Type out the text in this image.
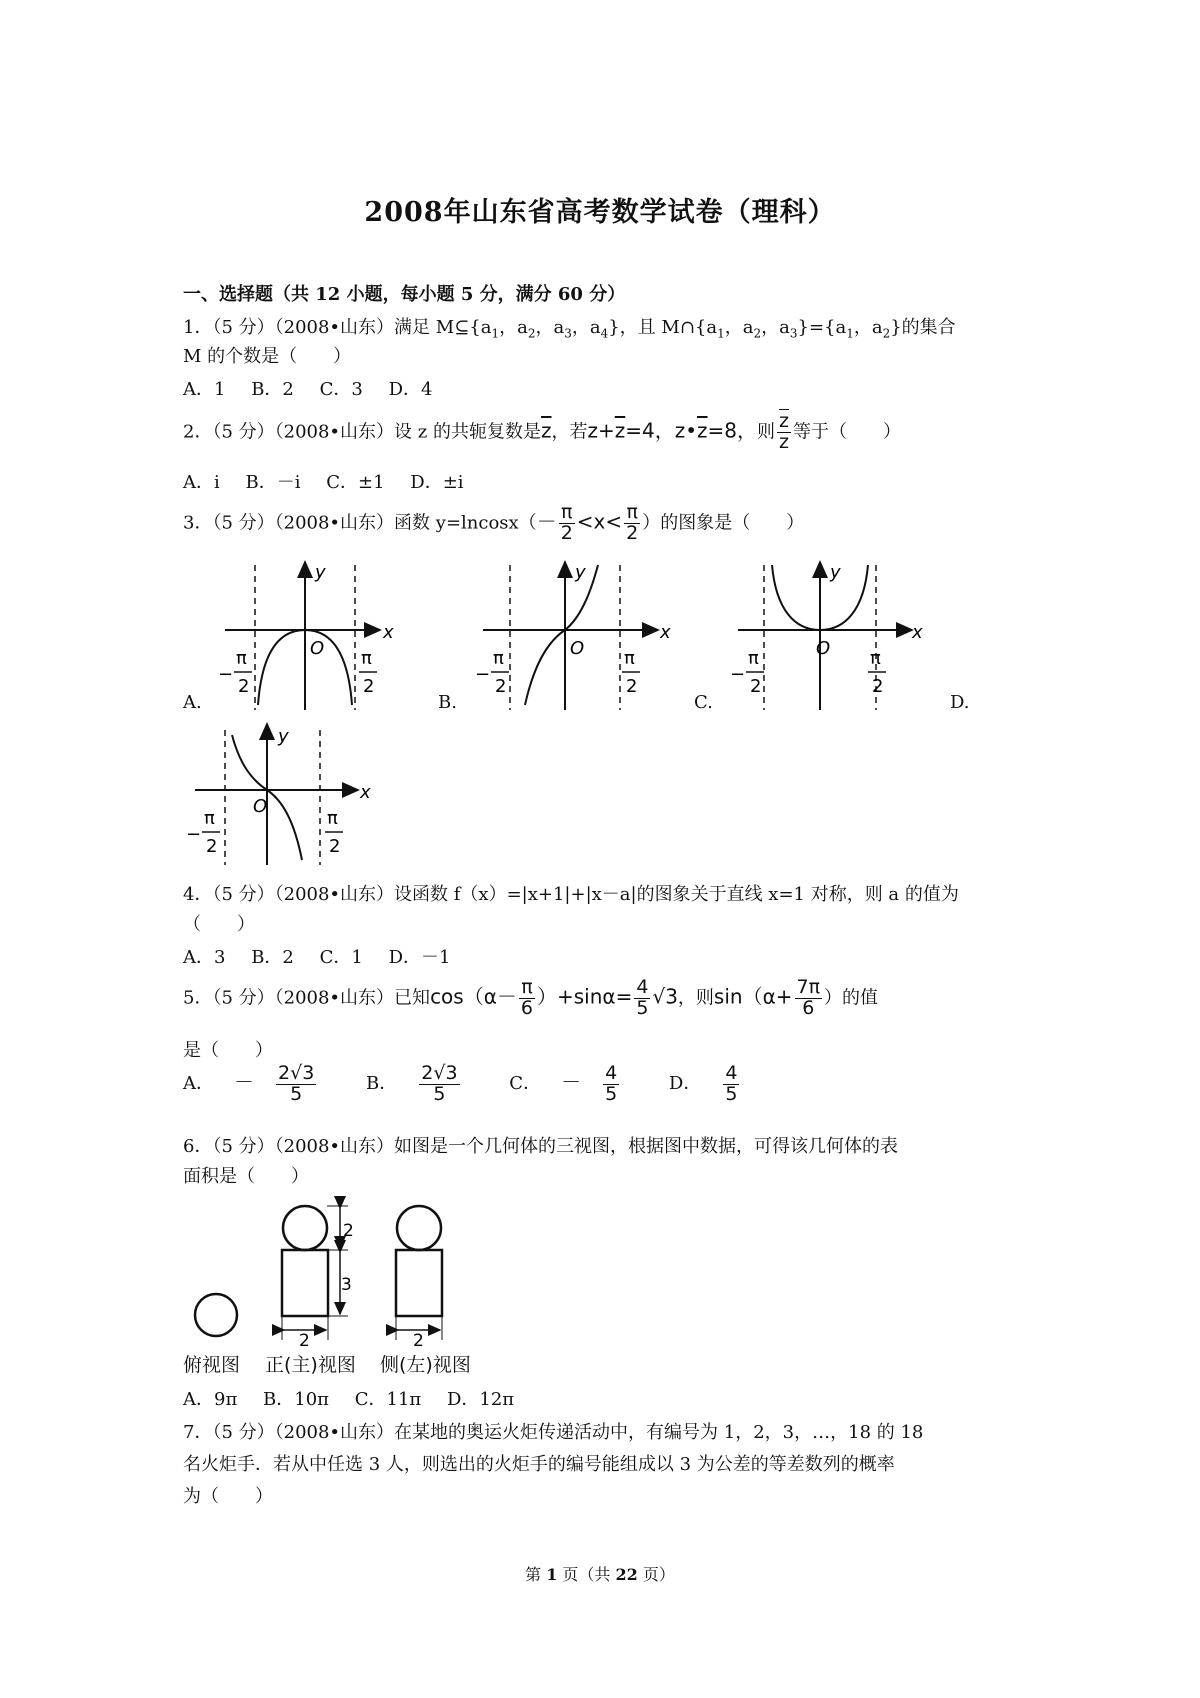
2008年山东省高考数学试卷（理科）
一、选择题（共 12 小题，每小题 5 分，满分 60 分）
1．（5 分）（2008•山东）满足 $M⊆\{a_1$，$a_2$，$a_3$，$a_4$}，且 $M\cap\{a_1$，$a_2$，$a_3\}=\{a_1$，$a_2$}的集合
M 的个数是（　　）
A．1 B．2 C．3 D．4
2．（5 分）（2008•山东）设 z 的共轭复数是$\overline{z}$，若$z+\overline{z}=4$，$z•\overline{z}=8$，则 $\frac{\overline{z}}{z}$ 等于（　　）
A．i B．－i C．±1 D．±i
3．（5 分）（2008•山东）函数 $y=lncosx(- \frac{\pi}{2} <x< \frac{\pi}{2}$ ）的图象是（　　）
y
x
O
−
π
2
π
2
y
x
O
−
π
2
π
2
y
x
O
−
π
2
π
2
y
x
O
−
π
2
π
2
2
3
2	2
A.	B.	C.	D.
4．（5 分）（2008•山东）设函数 f（x）=|x+1|+|x－a|的图象关于直线 x=1 对称，则 a 的值为
（　　）
A．3 B．2 C．1 D．－1
5．（5 分）（2008•山东）已知$\cos(\alpha- \frac{\pi}{6} )+\sin\alpha= \frac{4}{5} √3$，则$\sin(\alpha+ \frac{7\pi}{6}$ ）的值
是（　　）
A． － $\frac{2√3}{5}$ B． $\frac{2√3}{5}$ C． － $\frac{4}{5}$ D． $\frac{4}{5}$
6．（5 分）（2008•山东）如图是一个几何体的三视图，根据图中数据，可得该几何体的表
面积是（　　）
俯视图 正(主)视图 侧(左)视图
A．9π B．10π C．11π D．12π
7．（5 分）（2008•山东）在某地的奥运火炬传递活动中，有编号为 1，2，3，…，18 的 18
名火炬手．若从中任选 3 人，则选出的火炬手的编号能组成以 3 为公差的等差数列的概率
为（　　）
第 1 页（共 22 页）
